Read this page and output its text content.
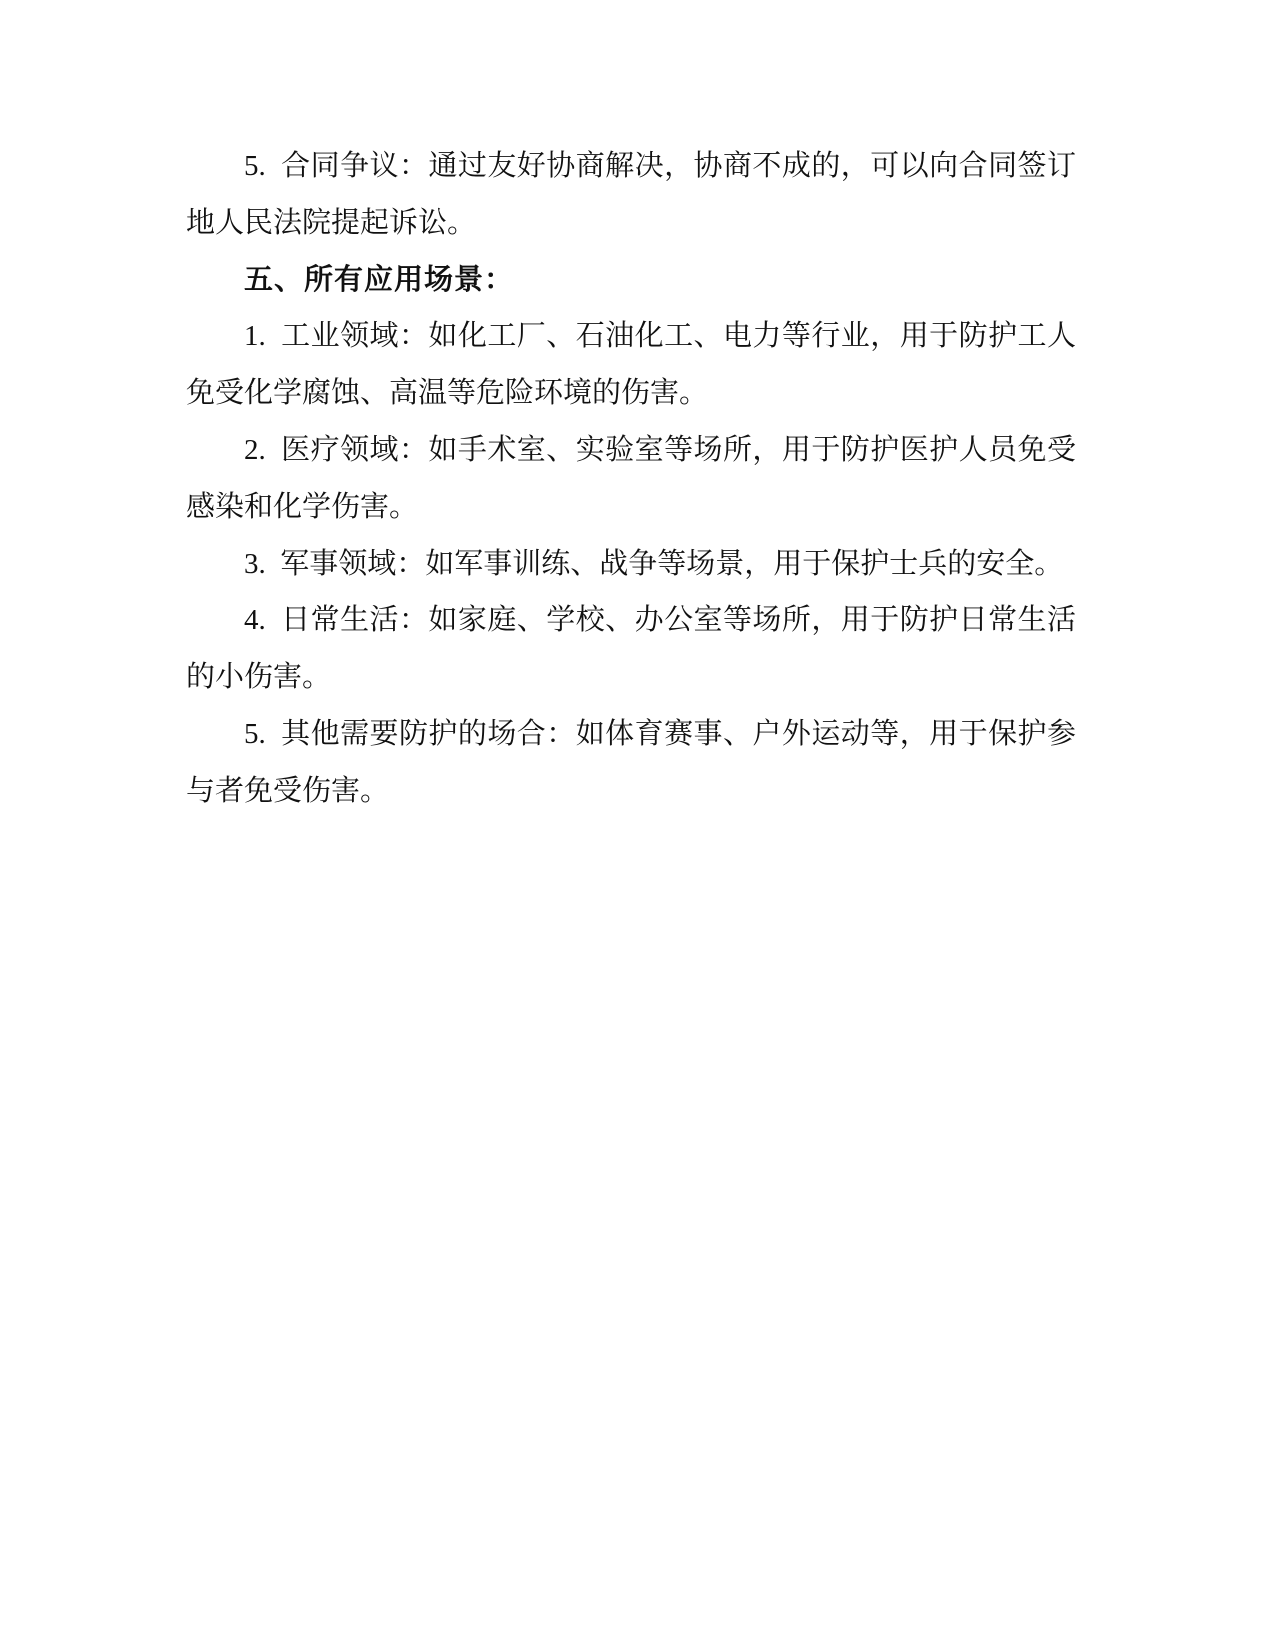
5.  合同争议：通过友好协商解决，协商不成的，可以向合同签订地人民法院提起诉讼。

五、所有应用场景：

1.  工业领域：如化工厂、石油化工、电力等行业，用于防护工人免受化学腐蚀、高温等危险环境的伤害。

2.  医疗领域：如手术室、实验室等场所，用于防护医护人员免受感染和化学伤害。

3.  军事领域：如军事训练、战争等场景，用于保护士兵的安全。

4.  日常生活：如家庭、学校、办公室等场所，用于防护日常生活的小伤害。

5.  其他需要防护的场合：如体育赛事、户外运动等，用于保护参与者免受伤害。
